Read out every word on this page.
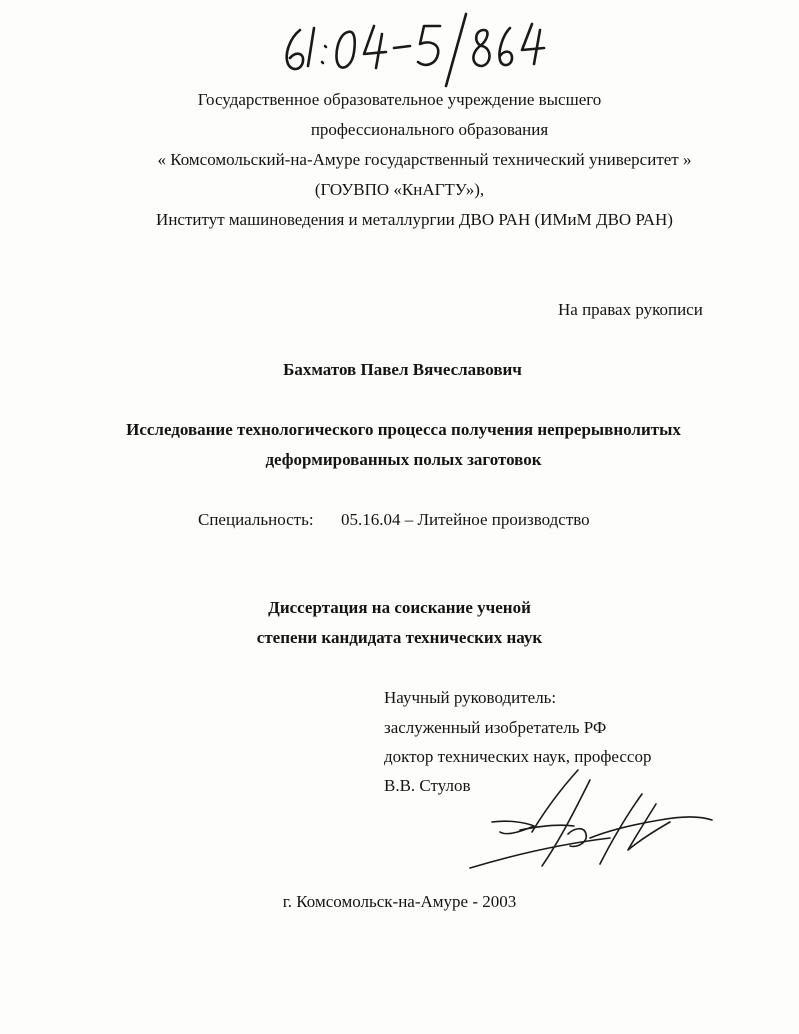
Государственное образовательное учреждение высшего
профессионального образования
« Комсомольский-на-Амуре государственный технический университет »
(ГОУВПО «КнАГТУ»),
Институт машиноведения и металлургии ДВО РАН (ИМиМ ДВО РАН)
На правах рукописи
Бахматов Павел Вячеславович
Исследование технологического процесса получения непрерывнолитых
деформированных полых заготовок
Специальность: 05.16.04 – Литейное производство
Диссертация на соискание ученой
степени кандидата технических наук
Научный руководитель:
заслуженный изобретатель РФ
доктор технических наук, профессор
В.В. Стулов
г. Комсомольск-на-Амуре - 2003
